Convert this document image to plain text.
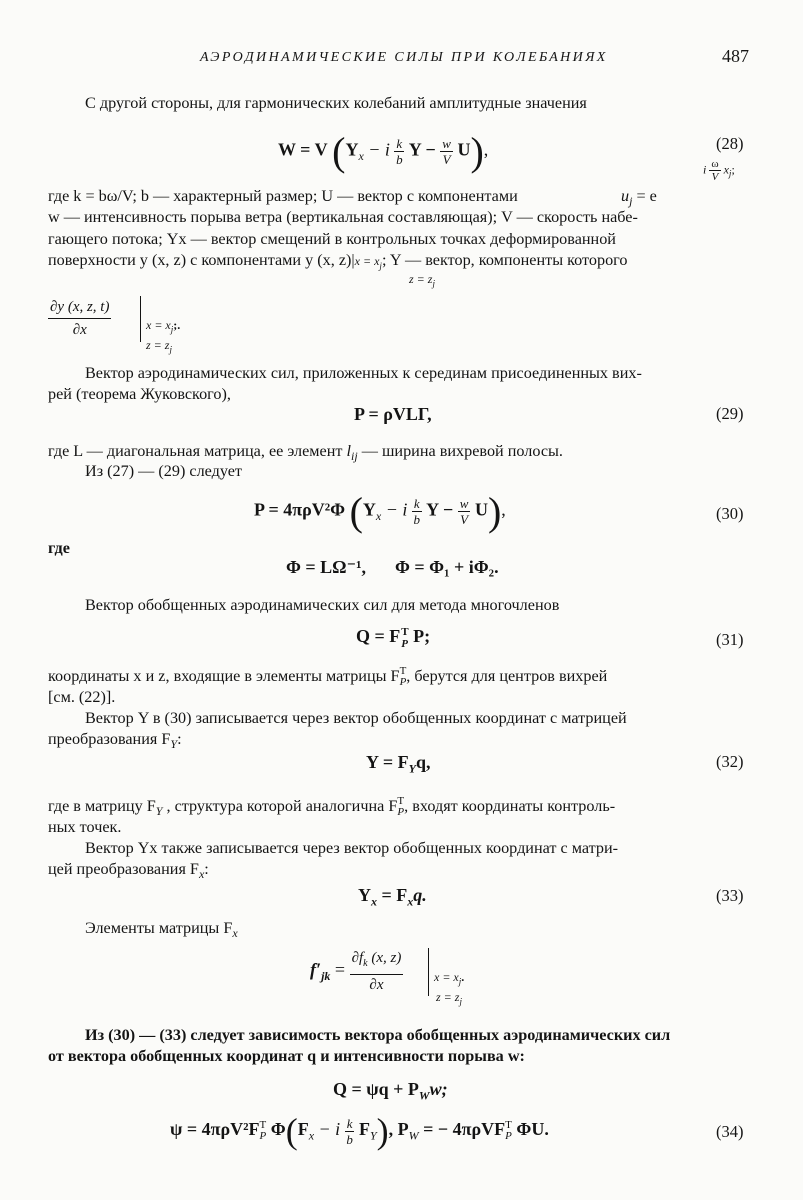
АЭРОДИНАМИЧЕСКИЕ СИЛЫ ПРИ КОЛЕБАНИЯХ	487
С другой стороны, для гармонических колебаний амплитудные значения
W = V ($Y_x - i \frac{k}{b}$ $Y - \frac{w}{V} U$),	(28)
где k = bω/V; b — характерный размер; U — вектор с компонентами	$u_j = e$
i $\frac{\omega}{V} x_j$;
w — интенсивность порыва ветра (вертикальная составляющая); V — скорость набе-
гающего потока; Yx — вектор смещений в контрольных точках деформированной
поверхности y (x, z) с компонентами y (x, $z)|x = x_j$; Y — вектор, компоненты которого
$z = z_j$
$\frac{\partial y (x, z, t)}{\partial x}$	$x = x_j$;.
$z = z_j$
Вектор аэродинамических сил, приложенных к серединам присоединенных вих-
рей (теорема Жуковского),
P = ρVLΓ,	(29)
где L — диагональная матрица, ее элемент $l_{ij}$ — ширина вихревой полосы.
Из (27) — (29) следует
P = 4πρV²Φ ($Y_x - i \frac{k}{b}$ $Y - \frac{w}{V} U$),	(30)
где
Φ = LΩ⁻¹, Φ = Φ₁ + iΦ₂.
Вектор обобщенных аэродинамических сил для метода многочленов
Q = F T
P P;	(31)
координаты x и z, входящие в элементы матрицы F T
P , берутся для центров вихрей
[см. (22)].
Вектор Y в (30) записывается через вектор обобщенных координат с матрицей
преобразования $F_Y$:
$Y = F_Yq$,	(32)
где в матрицу $F_Y$ , структура которой аналогична F T
P , входят координаты контроль-
ных точек.
Вектор Yx также записывается через вектор обобщенных координат с матри-
цей преобразования $F_x$:
$Y_x = F_xq$.	(33)
Элементы матрицы $F_x$
$f'_{jk} = \frac{\partial f_k (x, z)}{\partial x}$	$x = x_j$.
$z = z_j$
Из (30) — (33) следует зависимость вектора обобщенных аэродинамических сил
от вектора обобщенных координат q и интенсивности порыва w:
$Q = \psi q + P_Ww$;
ψ = 4πρV²F T
P $\Phi(F_x - i \frac{k}{b} F_Y)$, $P_W$ = − 4πρVF T
P ΦU.	(34)
